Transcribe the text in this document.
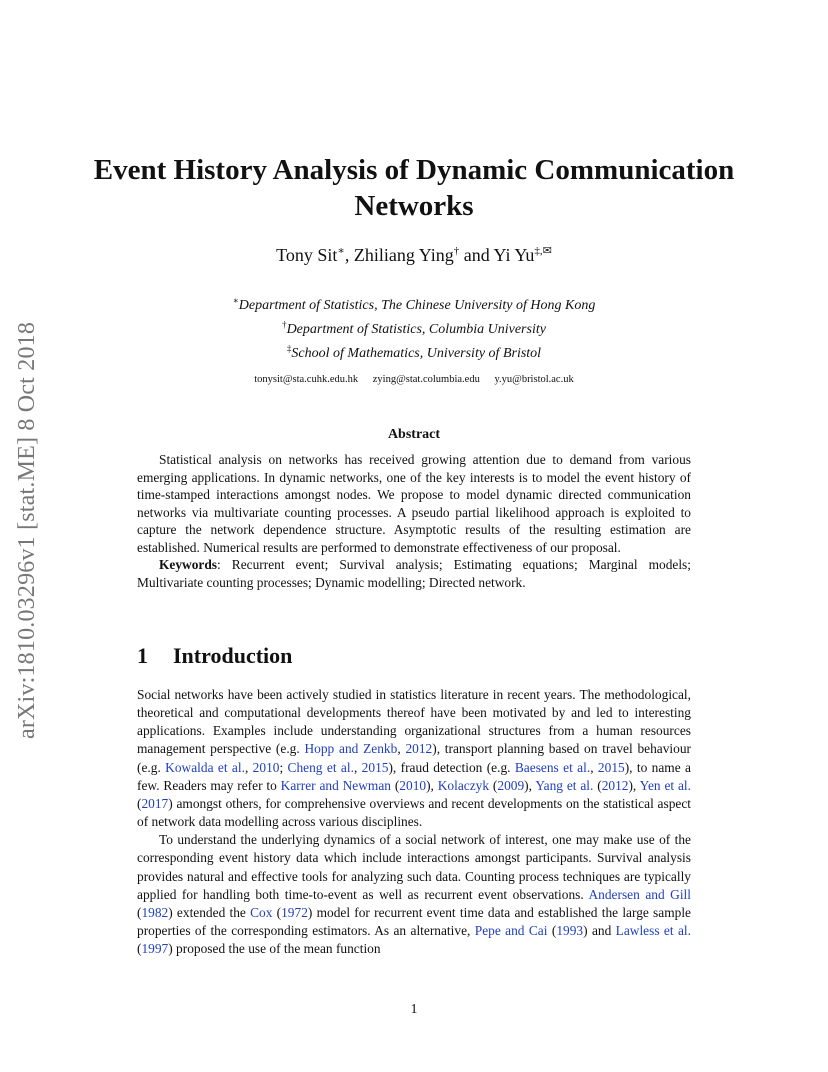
arXiv:1810.03296v1 [stat.ME] 8 Oct 2018
Event History Analysis of Dynamic Communication Networks
Tony Sit∗, Zhiliang Ying† and Yi Yu‡,✉
∗Department of Statistics, The Chinese University of Hong Kong
†Department of Statistics, Columbia University
‡School of Mathematics, University of Bristol
tonysit@sta.cuhk.edu.hk zying@stat.columbia.edu y.yu@bristol.ac.uk
Abstract

Statistical analysis on networks has received growing attention due to demand from various emerging applications. In dynamic networks, one of the key interests is to model the event history of time-stamped interactions amongst nodes. We propose to model dynamic directed communication networks via multivariate counting processes. A pseudo partial likelihood approach is exploited to capture the network dependence structure. Asymptotic results of the resulting estimation are established. Numerical results are performed to demonstrate effectiveness of our proposal.

Keywords: Recurrent event; Survival analysis; Estimating equations; Marginal models; Multivariate counting processes; Dynamic modelling; Directed network.

1 Introduction

Social networks have been actively studied in statistics literature in recent years. The methodological, theoretical and computational developments thereof have been motivated by and led to interesting applications. Examples include understanding organizational structures from a human resources management perspective (e.g. Hopp and Zenkb, 2012), transport planning based on travel behaviour (e.g. Kowalda et al., 2010; Cheng et al., 2015), fraud detection (e.g. Baesens et al., 2015), to name a few. Readers may refer to Karrer and Newman (2010), Kolaczyk (2009), Yang et al. (2012), Yen et al. (2017) amongst others, for comprehensive overviews and recent developments on the statistical aspect of network data modelling across various disciplines.

To understand the underlying dynamics of a social network of interest, one may make use of the corresponding event history data which include interactions amongst participants. Survival analysis provides natural and effective tools for analyzing such data. Counting process techniques are typically applied for handling both time-to-event as well as recurrent event observations. Andersen and Gill (1982) extended the Cox (1972) model for recurrent event time data and established the large sample properties of the corresponding estimators. As an alternative, Pepe and Cai (1993) and Lawless et al. (1997) proposed the use of the mean function

1
